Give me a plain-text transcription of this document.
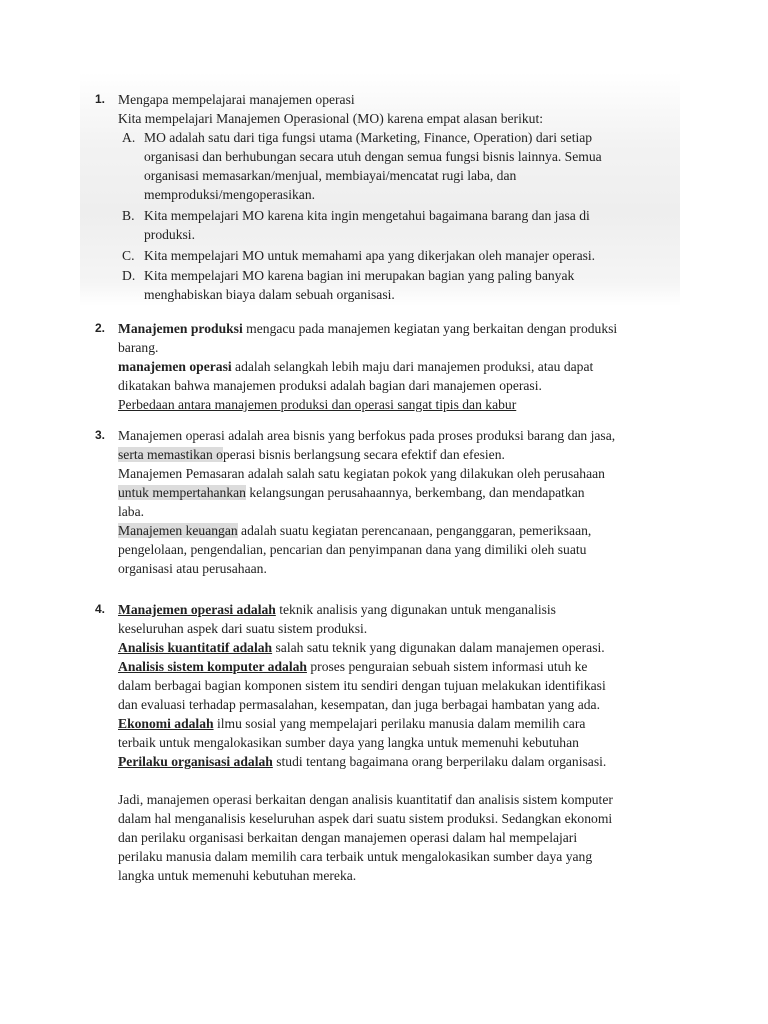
1. Mengapa mempelajarai manajemen operasi
Kita mempelajari Manajemen Operasional (MO) karena empat alasan berikut:
A. MO adalah satu dari tiga fungsi utama (Marketing, Finance, Operation) dari setiap
organisasi dan berhubungan secara utuh dengan semua fungsi bisnis lainnya. Semua
organisasi memasarkan/menjual, membiayai/mencatat rugi laba, dan
memproduksi/mengoperasikan.
B. Kita mempelajari MO karena kita ingin mengetahui bagaimana barang dan jasa di
produksi.
C. Kita mempelajari MO untuk memahami apa yang dikerjakan oleh manajer operasi.
D. Kita mempelajari MO karena bagian ini merupakan bagian yang paling banyak
menghabiskan biaya dalam sebuah organisasi.
2. Manajemen produksi mengacu pada manajemen kegiatan yang berkaitan dengan produksi
barang.
manajemen operasi adalah selangkah lebih maju dari manajemen produksi, atau dapat
dikatakan bahwa manajemen produksi adalah bagian dari manajemen operasi.
Perbedaan antara manajemen produksi dan operasi sangat tipis dan kabur
3. Manajemen operasi adalah area bisnis yang berfokus pada proses produksi barang dan jasa,
serta memastikan operasi bisnis berlangsung secara efektif dan efesien.
Manajemen Pemasaran adalah salah satu kegiatan pokok yang dilakukan oleh perusahaan
untuk mempertahankan kelangsungan perusahaannya, berkembang, dan mendapatkan
laba.
Manajemen keuangan adalah suatu kegiatan perencanaan, penganggaran, pemeriksaan,
pengelolaan, pengendalian, pencarian dan penyimpanan dana yang dimiliki oleh suatu
organisasi atau perusahaan.
4. Manajemen operasi adalah teknik analisis yang digunakan untuk menganalisis
keseluruhan aspek dari suatu sistem produksi.
Analisis kuantitatif adalah salah satu teknik yang digunakan dalam manajemen operasi.
Analisis sistem komputer adalah proses penguraian sebuah sistem informasi utuh ke
dalam berbagai bagian komponen sistem itu sendiri dengan tujuan melakukan identifikasi
dan evaluasi terhadap permasalahan, kesempatan, dan juga berbagai hambatan yang ada.
Ekonomi adalah ilmu sosial yang mempelajari perilaku manusia dalam memilih cara
terbaik untuk mengalokasikan sumber daya yang langka untuk memenuhi kebutuhan
Perilaku organisasi adalah studi tentang bagaimana orang berperilaku dalam organisasi.
Jadi, manajemen operasi berkaitan dengan analisis kuantitatif dan analisis sistem komputer
dalam hal menganalisis keseluruhan aspek dari suatu sistem produksi. Sedangkan ekonomi
dan perilaku organisasi berkaitan dengan manajemen operasi dalam hal mempelajari
perilaku manusia dalam memilih cara terbaik untuk mengalokasikan sumber daya yang
langka untuk memenuhi kebutuhan mereka.
